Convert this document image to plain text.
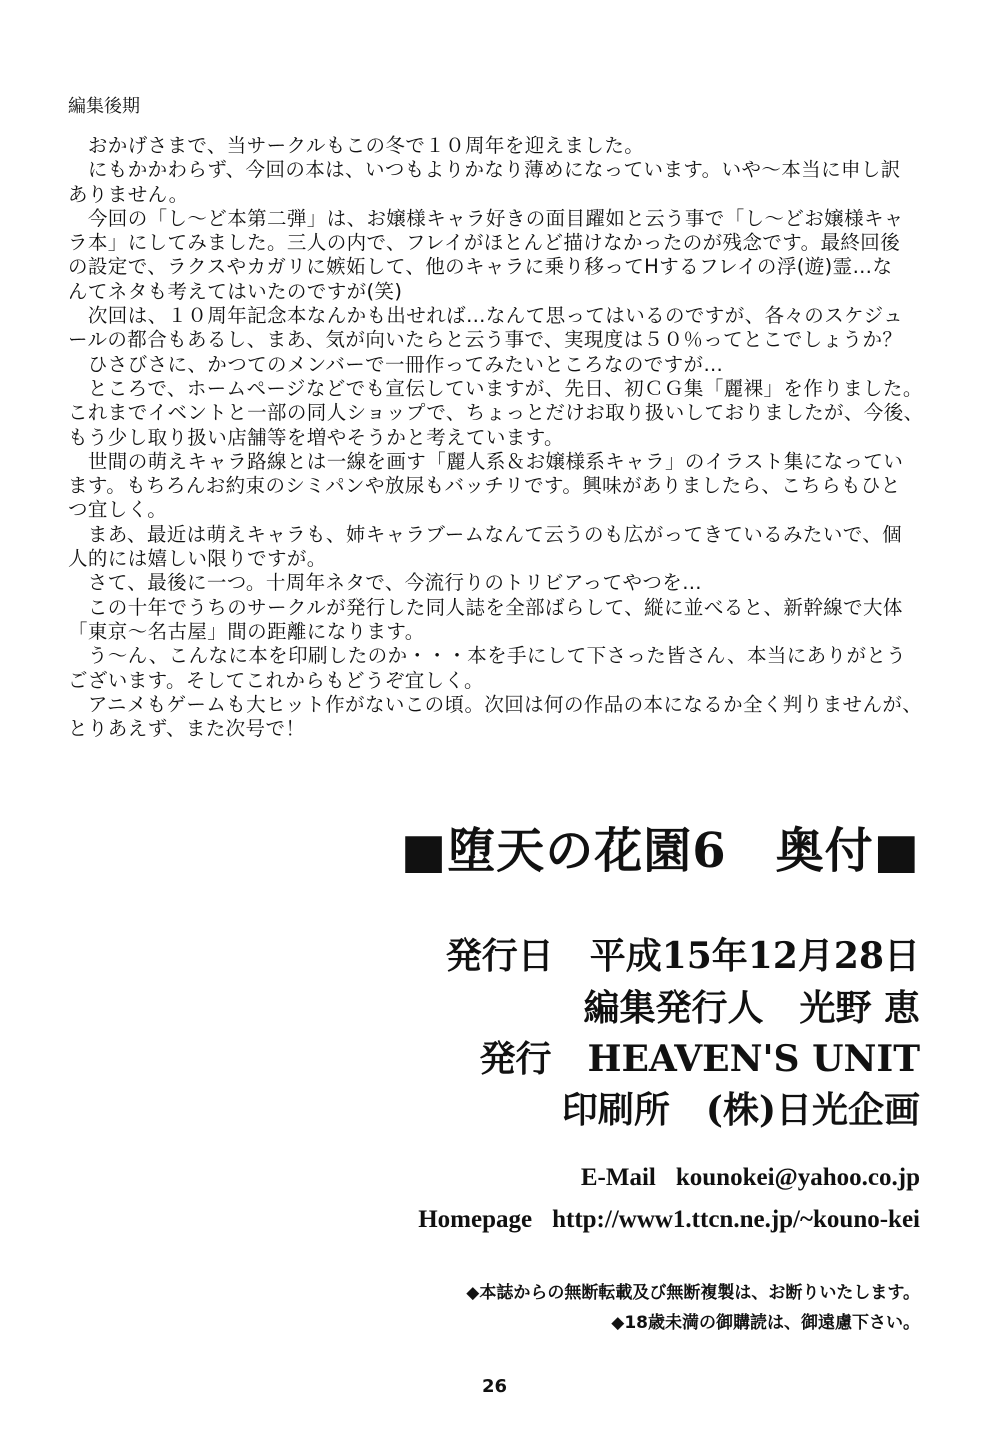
編集後期
　おかげさまで、当サークルもこの冬で１０周年を迎えました。
　にもかかわらず、今回の本は、いつもよりかなり薄めになっています。いや～本当に申し訳
ありません。
　今回の「し～ど本第二弾」は、お嬢様キャラ好きの面目躍如と云う事で「し～どお嬢様キャ
ラ本」にしてみました。三人の内で、フレイがほとんど描けなかったのが残念です。最終回後
の設定で、ラクスやカガリに嫉妬して、他のキャラに乗り移ってHするフレイの浮(遊)霊…な
んてネタも考えてはいたのですが(笑)
　次回は、１０周年記念本なんかも出せれば…なんて思ってはいるのですが、各々のスケジュ
ールの都合もあるし、まあ、気が向いたらと云う事で、実現度は５０％ってとこでしょうか？
　ひさびさに、かつてのメンバーで一冊作ってみたいところなのですが…
　ところで、ホームページなどでも宣伝していますが、先日、初ＣＧ集「麗裸」を作りました。
これまでイベントと一部の同人ショップで、ちょっとだけお取り扱いしておりましたが、今後、
もう少し取り扱い店舗等を増やそうかと考えています。
　世間の萌えキャラ路線とは一線を画す「麗人系＆お嬢様系キャラ」のイラスト集になってい
ます。もちろんお約束のシミパンや放尿もバッチリです。興味がありましたら、こちらもひと
つ宜しく。
　まあ、最近は萌えキャラも、姉キャラブームなんて云うのも広がってきているみたいで、個
人的には嬉しい限りですが。
　さて、最後に一つ。十周年ネタで、今流行りのトリビアってやつを…
　この十年でうちのサークルが発行した同人誌を全部ばらして、縦に並べると、新幹線で大体
「東京～名古屋」間の距離になります。
　う～ん、こんなに本を印刷したのか・・・本を手にして下さった皆さん、本当にありがとう
ございます。そしてこれからもどうぞ宜しく。
　アニメもゲームも大ヒット作がないこの頃。次回は何の作品の本になるか全く判りませんが、
とりあえず、また次号で！
■堕天の花園6　奥付■
発行日 平成15年12月28日
編集発行人 光野 恵
発行 HEAVEN'S UNIT
印刷所 (株)日光企画
E-Mail kounokei@yahoo.co.jp
Homepage http://www1.ttcn.ne.jp/~kouno-kei
◆本誌からの無断転載及び無断複製は、お断りいたします。
◆18歳未満の御購読は、御遠慮下さい。
26
